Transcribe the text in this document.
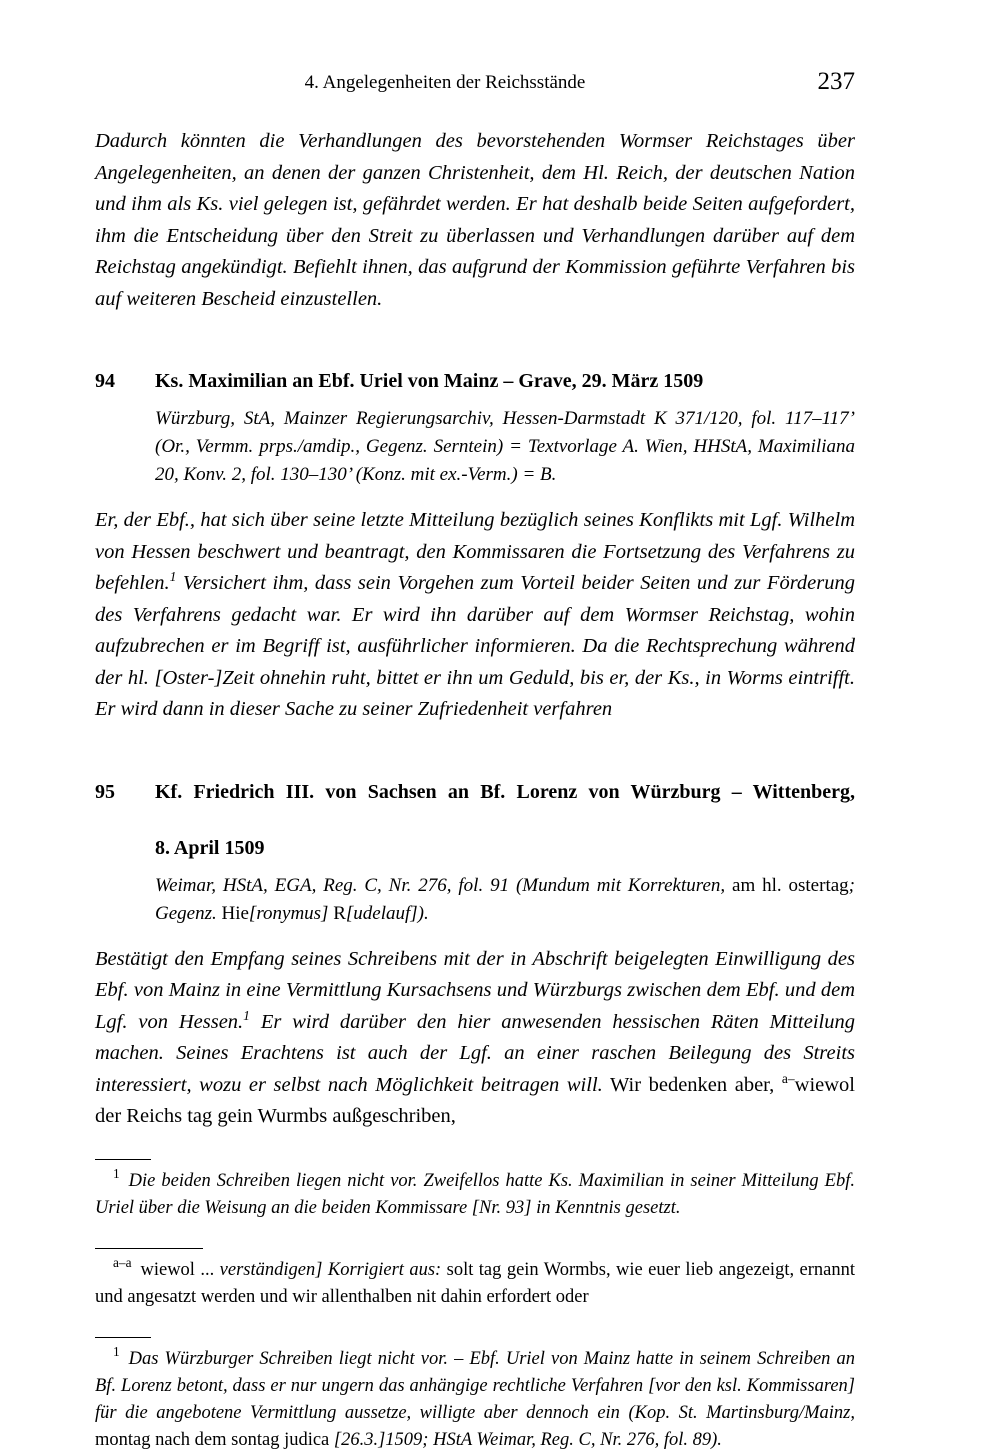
4. Angelegenheiten der Reichsstände	237
Dadurch könnten die Verhandlungen des bevorstehenden Wormser Reichstages über Angelegenheiten, an denen der ganzen Christenheit, dem Hl. Reich, der deutschen Nation und ihm als Ks. viel gelegen ist, gefährdet werden. Er hat deshalb beide Seiten aufgefordert, ihm die Entscheidung über den Streit zu überlassen und Verhandlungen darüber auf dem Reichstag angekündigt. Befiehlt ihnen, das aufgrund der Kommission geführte Verfahren bis auf weiteren Bescheid einzustellen.
94 Ks. Maximilian an Ebf. Uriel von Mainz – Grave, 29. März 1509
Würzburg, StA, Mainzer Regierungsarchiv, Hessen-Darmstadt K 371/120, fol. 117–117’ (Or., Vermm. prps./amdip., Gegenz. Serntein) = Textvorlage A. Wien, HHStA, Maximiliana 20, Konv. 2, fol. 130–130’ (Konz. mit ex.-Verm.) = B.
Er, der Ebf., hat sich über seine letzte Mitteilung bezüglich seines Konflikts mit Lgf. Wilhelm von Hessen beschwert und beantragt, den Kommissaren die Fortsetzung des Verfahrens zu befehlen.$^1$ Versichert ihm, dass sein Vorgehen zum Vorteil beider Seiten und zur Förderung des Verfahrens gedacht war. Er wird ihn darüber auf dem Wormser Reichstag, wohin aufzubrechen er im Begriff ist, ausführlicher informieren. Da die Rechtsprechung während der hl. [Oster-]Zeit ohnehin ruht, bittet er ihn um Geduld, bis er, der Ks., in Worms eintrifft. Er wird dann in dieser Sache zu seiner Zufriedenheit verfahren
95 Kf. Friedrich III. von Sachsen an Bf. Lorenz von Würzburg – Wittenberg,
8. April 1509
Weimar, HStA, EGA, Reg. C, Nr. 276, fol. 91 (Mundum mit Korrekturen, am hl. ostertag; Gegenz. Hie[ronymus] R[udelauf]).
Bestätigt den Empfang seines Schreibens mit der in Abschrift beigelegten Einwilligung des Ebf. von Mainz in eine Vermittlung Kursachsens und Würzburgs zwischen dem Ebf. und dem Lgf. von Hessen.$^1$ Er wird darüber den hier anwesenden hessischen Räten Mitteilung machen. Seines Erachtens ist auch der Lgf. an einer raschen Beilegung des Streits interessiert, wozu er selbst nach Möglichkeit beitragen will. Wir bedenken aber, $^{a-}$wiewol der Reichs tag gein Wurmbs außgeschriben,
$^1$ Die beiden Schreiben liegen nicht vor. Zweifellos hatte Ks. Maximilian in seiner Mitteilung Ebf. Uriel über die Weisung an die beiden Kommissare [Nr. 93] in Kenntnis gesetzt.
$^{a-a}$ wiewol ... verständigen] Korrigiert aus: solt tag gein Wormbs, wie euer lieb angezeigt, ernannt und angesatzt werden und wir allenthalben nit dahin erfordert oder
$^1$ Das Würzburger Schreiben liegt nicht vor. – Ebf. Uriel von Mainz hatte in seinem Schreiben an Bf. Lorenz betont, dass er nur ungern das anhängige rechtliche Verfahren [vor den ksl. Kommissaren] für die angebotene Vermittlung aussetze, willigte aber dennoch ein (Kop. St. Martinsburg/Mainz, montag nach dem sontag judica [26.3.]1509; HStA Weimar, Reg. C, Nr. 276, fol. 89).
